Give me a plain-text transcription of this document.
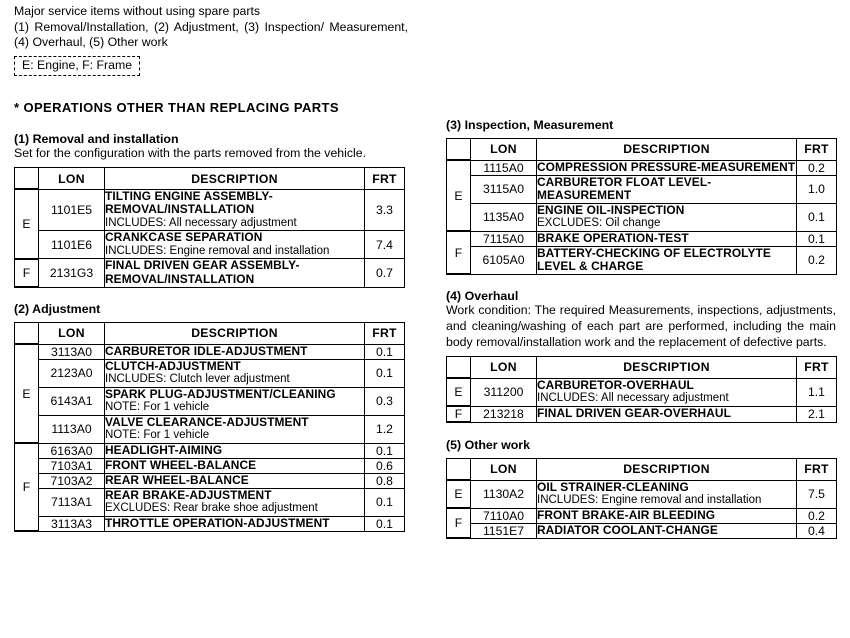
Major service items without using spare parts
(1) Removal/Installation, (2) Adjustment, (3) Inspection/ Measurement, (4) Overhaul, (5) Other work
E: Engine, F: Frame
* OPERATIONS OTHER THAN REPLACING PARTS
(1) Removal and installation
Set for the configuration with the parts removed from the vehicle.
	LON	DESCRIPTION	FRT
E	1101E5	TILTING ENGINE ASSEMBLY-REMOVAL/INSTALLATION
INCLUDES: All necessary adjustment	3.3
	1101E6	CRANKCASE SEPARATION
INCLUDES: Engine removal and installation	7.4
F	2131G3	FINAL DRIVEN GEAR ASSEMBLY-REMOVAL/INSTALLATION	0.7
(2) Adjustment
	LON	DESCRIPTION	FRT
E	3113A0	CARBURETOR IDLE-ADJUSTMENT	0.1
	2123A0	CLUTCH-ADJUSTMENT
INCLUDES: Clutch lever adjustment	0.1
	6143A1	SPARK PLUG-ADJUSTMENT/CLEANING
NOTE: For 1 vehicle	0.3
	1113A0	VALVE CLEARANCE-ADJUSTMENT
NOTE: For 1 vehicle	1.2
F	6163A0	HEADLIGHT-AIMING	0.1
	7103A1	FRONT WHEEL-BALANCE	0.6
	7103A2	REAR WHEEL-BALANCE	0.8
	7113A1	REAR BRAKE-ADJUSTMENT
EXCLUDES: Rear brake shoe adjustment	0.1
	3113A3	THROTTLE OPERATION-ADJUSTMENT	0.1
(3) Inspection, Measurement
	LON	DESCRIPTION	FRT
E	1115A0	COMPRESSION PRESSURE-MEASUREMENT	0.2
	3115A0	CARBURETOR FLOAT LEVEL-MEASUREMENT	1.0
	1135A0	ENGINE OIL-INSPECTION
EXCLUDES: Oil change	0.1
F	7115A0	BRAKE OPERATION-TEST	0.1
	6105A0	BATTERY-CHECKING OF ELECTROLYTE LEVEL & CHARGE	0.2
(4) Overhaul
Work condition: The required Measurements, inspections, adjustments, and cleaning/washing of each part are performed, including the main body removal/installation work and the replacement of defective parts.
	LON	DESCRIPTION	FRT
E	311200	CARBURETOR-OVERHAUL
INCLUDES: All necessary adjustment	1.1
F	213218	FINAL DRIVEN GEAR-OVERHAUL	2.1
(5) Other work
	LON	DESCRIPTION	FRT
E	1130A2	OIL STRAINER-CLEANING
INCLUDES: Engine removal and installation	7.5
F	7110A0	FRONT BRAKE-AIR BLEEDING	0.2
	1151E7	RADIATOR COOLANT-CHANGE	0.4
